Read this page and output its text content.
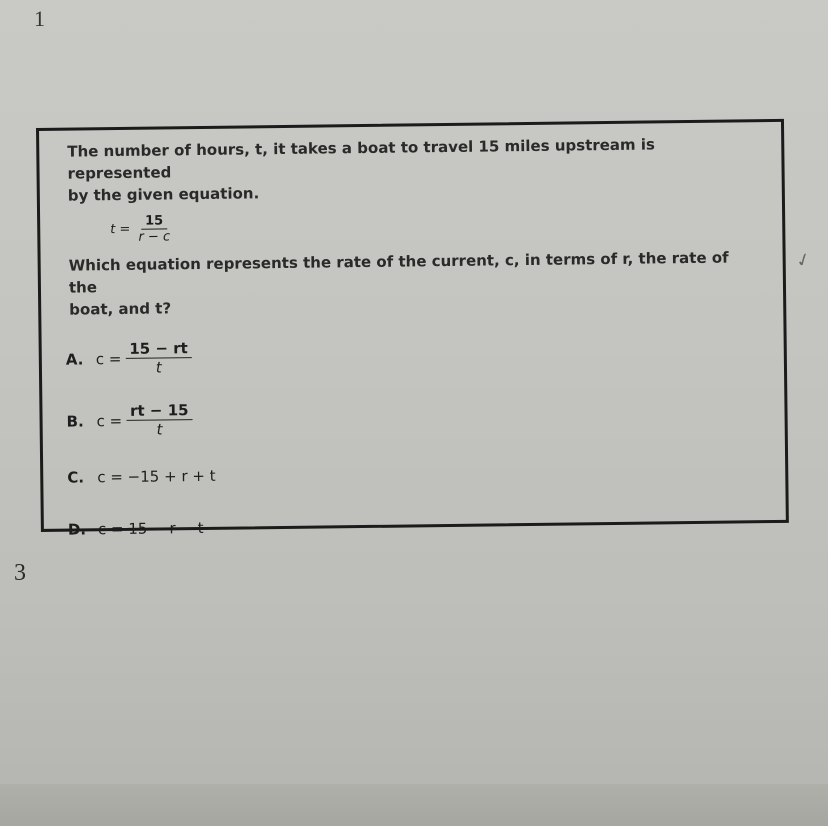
1
3
✓
The number of hours, t, it takes a boat to travel 15 miles upstream is represented
by the given equation.
$t = \frac{15}{r - c}$
Which equation represents the rate of the current, c, in terms of r, the rate of the
boat, and t?
A. $c = \frac{15 - rt}{t}$
B. $c = \frac{rt - 15}{t}$
C. c = −15 + r + t
D. c = 15 − r − t
